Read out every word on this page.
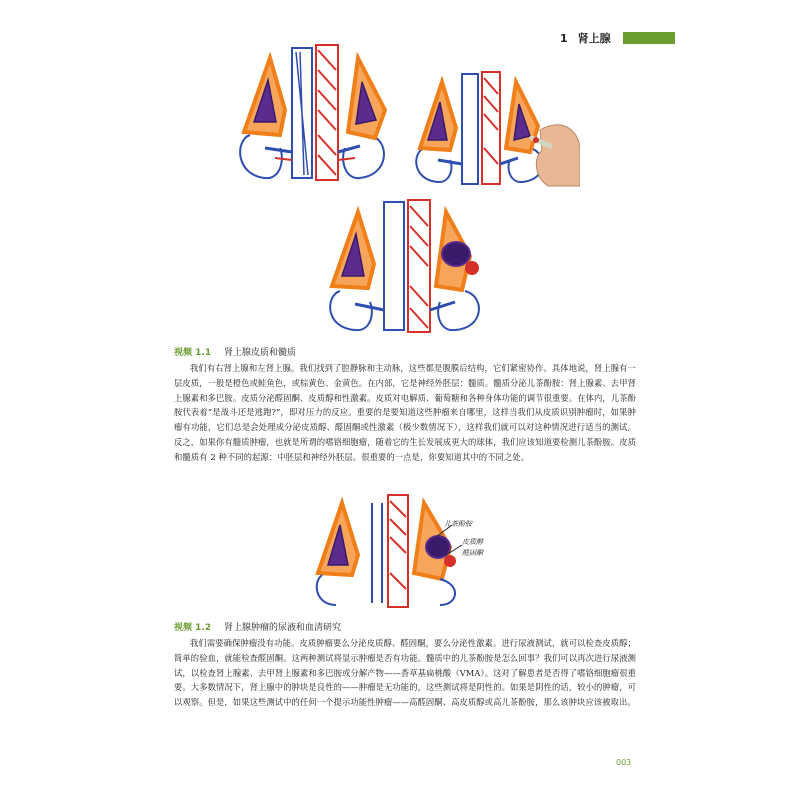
1 肾上腺
儿茶酚胺
皮质醇
醛固酮
视频 1.1 肾上腺皮质和髓质

我们有右肾上腺和左肾上腺。我们找到了腔静脉和主动脉，这些都是腹膜后结构，它们紧密协作。具体地说，肾上腺有一层皮质，一般是橙色或鲑鱼色，或棕黄色、金黄色。在内部，它是神经外胚层：髓质。髓质分泌儿茶酚胺：肾上腺素、去甲肾上腺素和多巴胺。皮质分泌醛固酮、皮质醇和性激素。皮质对电解质、葡萄糖和各种身体功能的调节很重要。在体内，儿茶酚胺代表着“是战斗还是逃跑?”，即对压力的反应。重要的是要知道这些肿瘤来自哪里，这样当我们从皮质识别肿瘤时，如果肿瘤有功能，它们总是会处理成分泌皮质醇、醛固酮或性激素（极少数情况下），这样我们就可以对这种情况进行适当的测试。反之，如果你有髓质肿瘤，也就是所谓的嗜铬细胞瘤，随着它的生长发展成更大的球体，我们应该知道要检测儿茶酚胺。皮质和髓质有 2 种不同的起源：中胚层和神经外胚层。很重要的一点是，你要知道其中的不同之处。

视频 1.2 肾上腺肿瘤的尿液和血清研究

我们需要确保肿瘤没有功能。皮质肿瘤要么分泌皮质醇、醛固酮，要么分泌性激素。进行尿液测试，就可以检查皮质醇；简单的验血，就能检查醛固酮。这两种测试将显示肿瘤是否有功能。髓质中的儿茶酚胺是怎么回事？我们可以再次进行尿液测试，以检查肾上腺素、去甲肾上腺素和多巴胺或分解产物——香草基扁桃酸（VMA）。这对了解患者是否得了嗜铬细胞瘤很重要。大多数情况下，肾上腺中的肿块是良性的——肿瘤是无功能的，这些测试将是阴性的。如果是阴性的话，较小的肿瘤，可以观察。但是，如果这些测试中的任何一个提示功能性肿瘤——高醛固酮、高皮质醇或高儿茶酚胺，那么该肿块应该被取出。

003
